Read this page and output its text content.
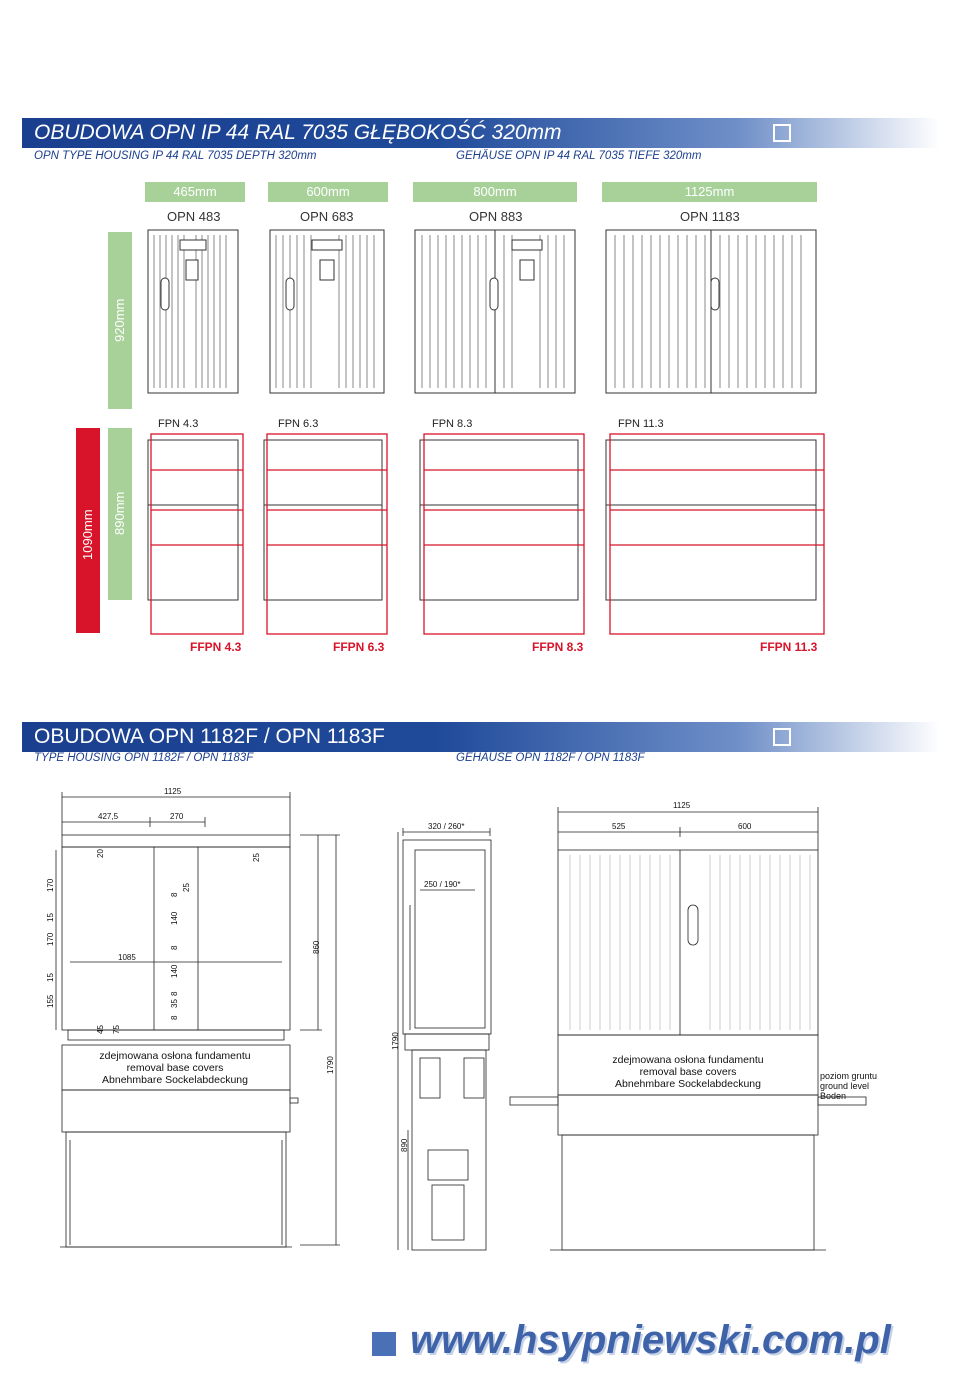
OBUDOWA OPN IP 44 RAL 7035 GŁĘBOKOŚĆ 320mm
OPN TYPE HOUSING IP 44 RAL 7035 DEPTH 320mm	GEHÄUSE OPN IP 44 RAL 7035 TIEFE 320mm
465mm	600mm	800mm	1125mm
OPN 483	OPN 683	OPN 883	OPN 1183
920mm
1090mm 890mm
FPN 4.3	FPN 6.3	FPN 8.3	FPN 11.3
FFPN 4.3	FFPN 6.3	FFPN 8.3	FFPN 11.3
OBUDOWA OPN 1182F / OPN 1183F
TYPE HOUSING OPN 1182F / OPN 1183F	GEHÄUSE OPN 1182F / OPN 1183F
1125
427,5	270
1085
860
1790
20	25
170
15
170
15
155
25
140
140
35
45 75
8
8
8
8
320 / 260*
250 / 190*
1790
890
1125
525	600
zdejmowana osłona fundamentu
removal base covers
Abnehmbare Sockelabdeckung
zdejmowana osłona fundamentu
removal base covers
Abnehmbare Sockelabdeckung
poziom gruntu
ground level
Boden
www.hsypniewski.com.pl
